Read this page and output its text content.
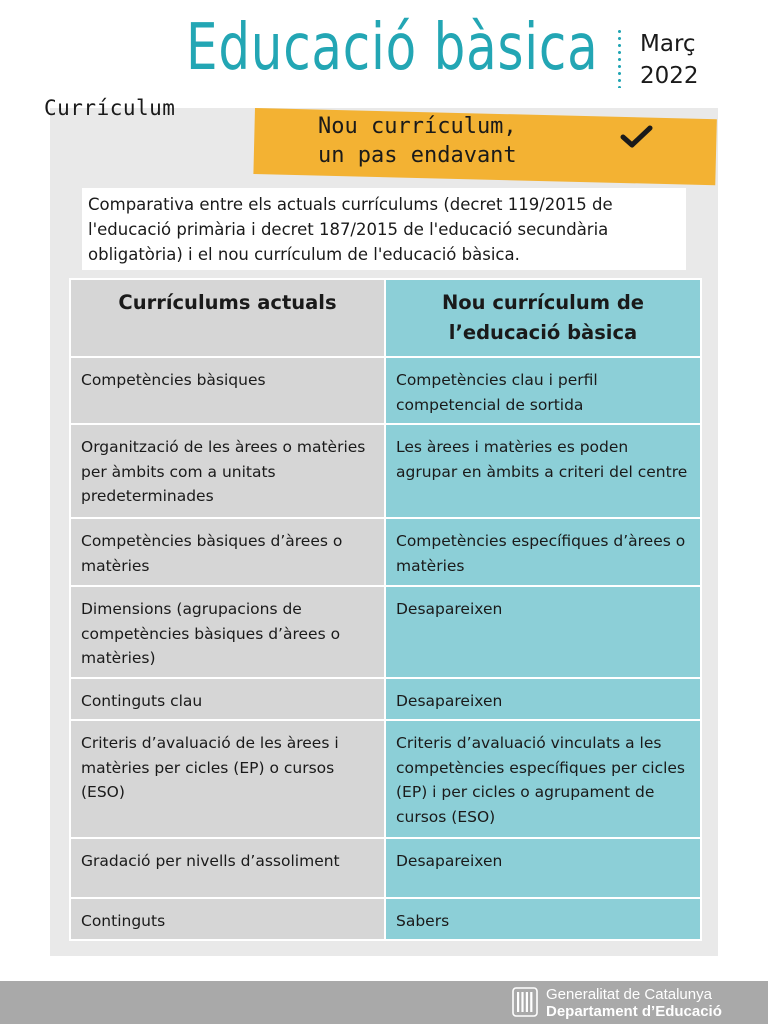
Educació bàsica Març
2022
Currículum
Nou currículum,
un pas endavant
Comparativa entre els actuals currículums (decret 119/2015 de l'educació primària i decret 187/2015 de l'educació secundària obligatòria) i el nou currículum de l'educació bàsica.
Currículums actuals	Nou currículum de l’educació bàsica
Competències bàsiques	Competències clau i perfil competencial de sortida
Organització de les àrees o matèries per àmbits com a unitats predeterminades	Les àrees i matèries es poden agrupar en àmbits a criteri del centre
Competències bàsiques d’àrees o matèries	Competències específiques d’àrees o matèries
Dimensions (agrupacions de competències bàsiques d’àrees o matèries)	Desapareixen
Continguts clau	Desapareixen
Criteris d’avaluació de les àrees i matèries per cicles (EP) o cursos (ESO)	Criteris d’avaluació vinculats a les competències específiques per cicles (EP) i per cicles o agrupament de cursos (ESO)
Gradació per nivells d’assoliment	Desapareixen
Continguts	Sabers
Generalitat de Catalunya
Departament d’Educació
